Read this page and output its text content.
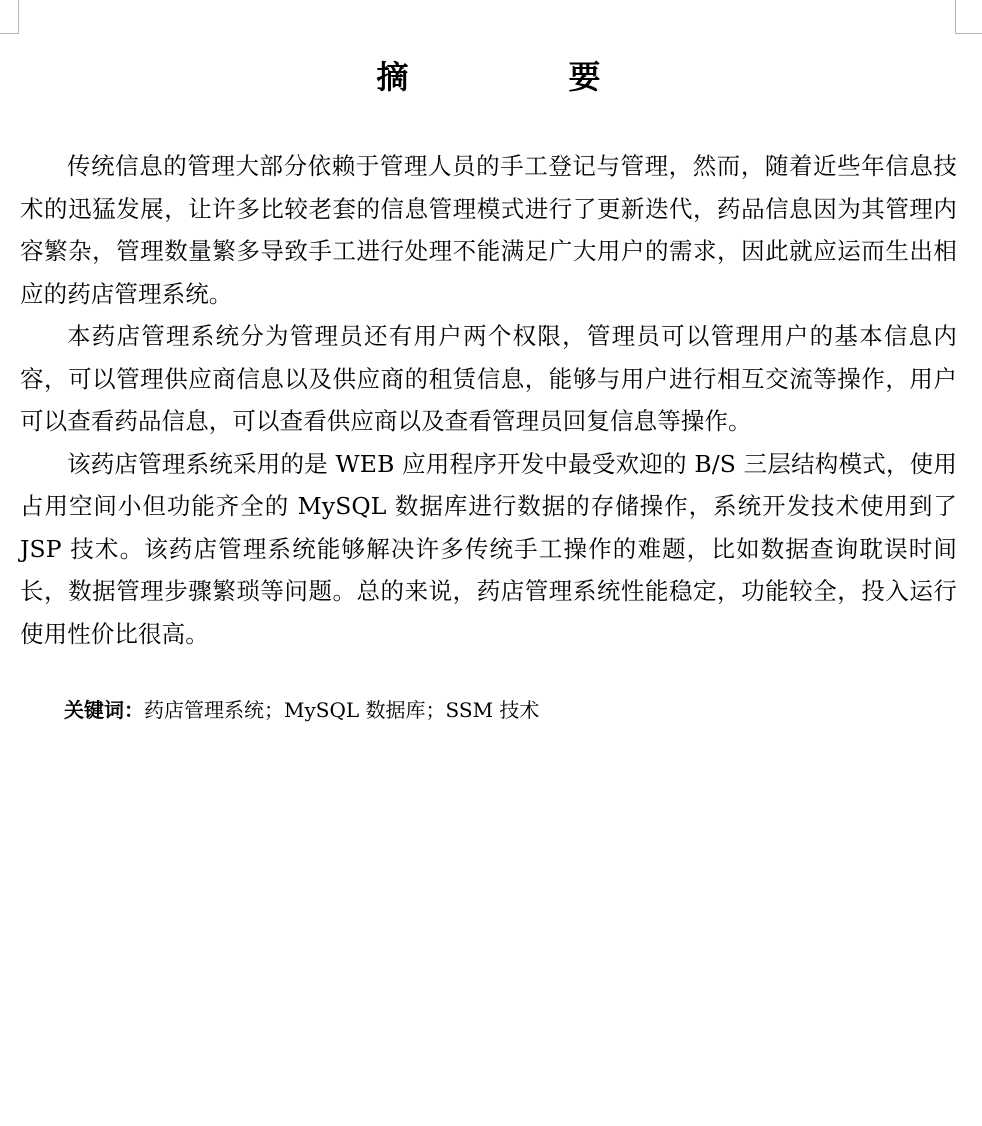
摘　要

传统信息的管理大部分依赖于管理人员的手工登记与管理，然而，随着近些年信息技术的迅猛发展，让许多比较老套的信息管理模式进行了更新迭代，药品信息因为其管理内容繁杂，管理数量繁多导致手工进行处理不能满足广大用户的需求，因此就应运而生出相应的药店管理系统。

本药店管理系统分为管理员还有用户两个权限，管理员可以管理用户的基本信息内容，可以管理供应商信息以及供应商的租赁信息，能够与用户进行相互交流等操作，用户可以查看药品信息，可以查看供应商以及查看管理员回复信息等操作。

该药店管理系统采用的是 WEB 应用程序开发中最受欢迎的 B/S 三层结构模式，使用占用空间小但功能齐全的 MySQL 数据库进行数据的存储操作，系统开发技术使用到了 JSP 技术。该药店管理系统能够解决许多传统手工操作的难题，比如数据查询耽误时间长，数据管理步骤繁琐等问题。总的来说，药店管理系统性能稳定，功能较全，投入运行使用性价比很高。

关键词：药店管理系统；MySQL 数据库；SSM 技术
